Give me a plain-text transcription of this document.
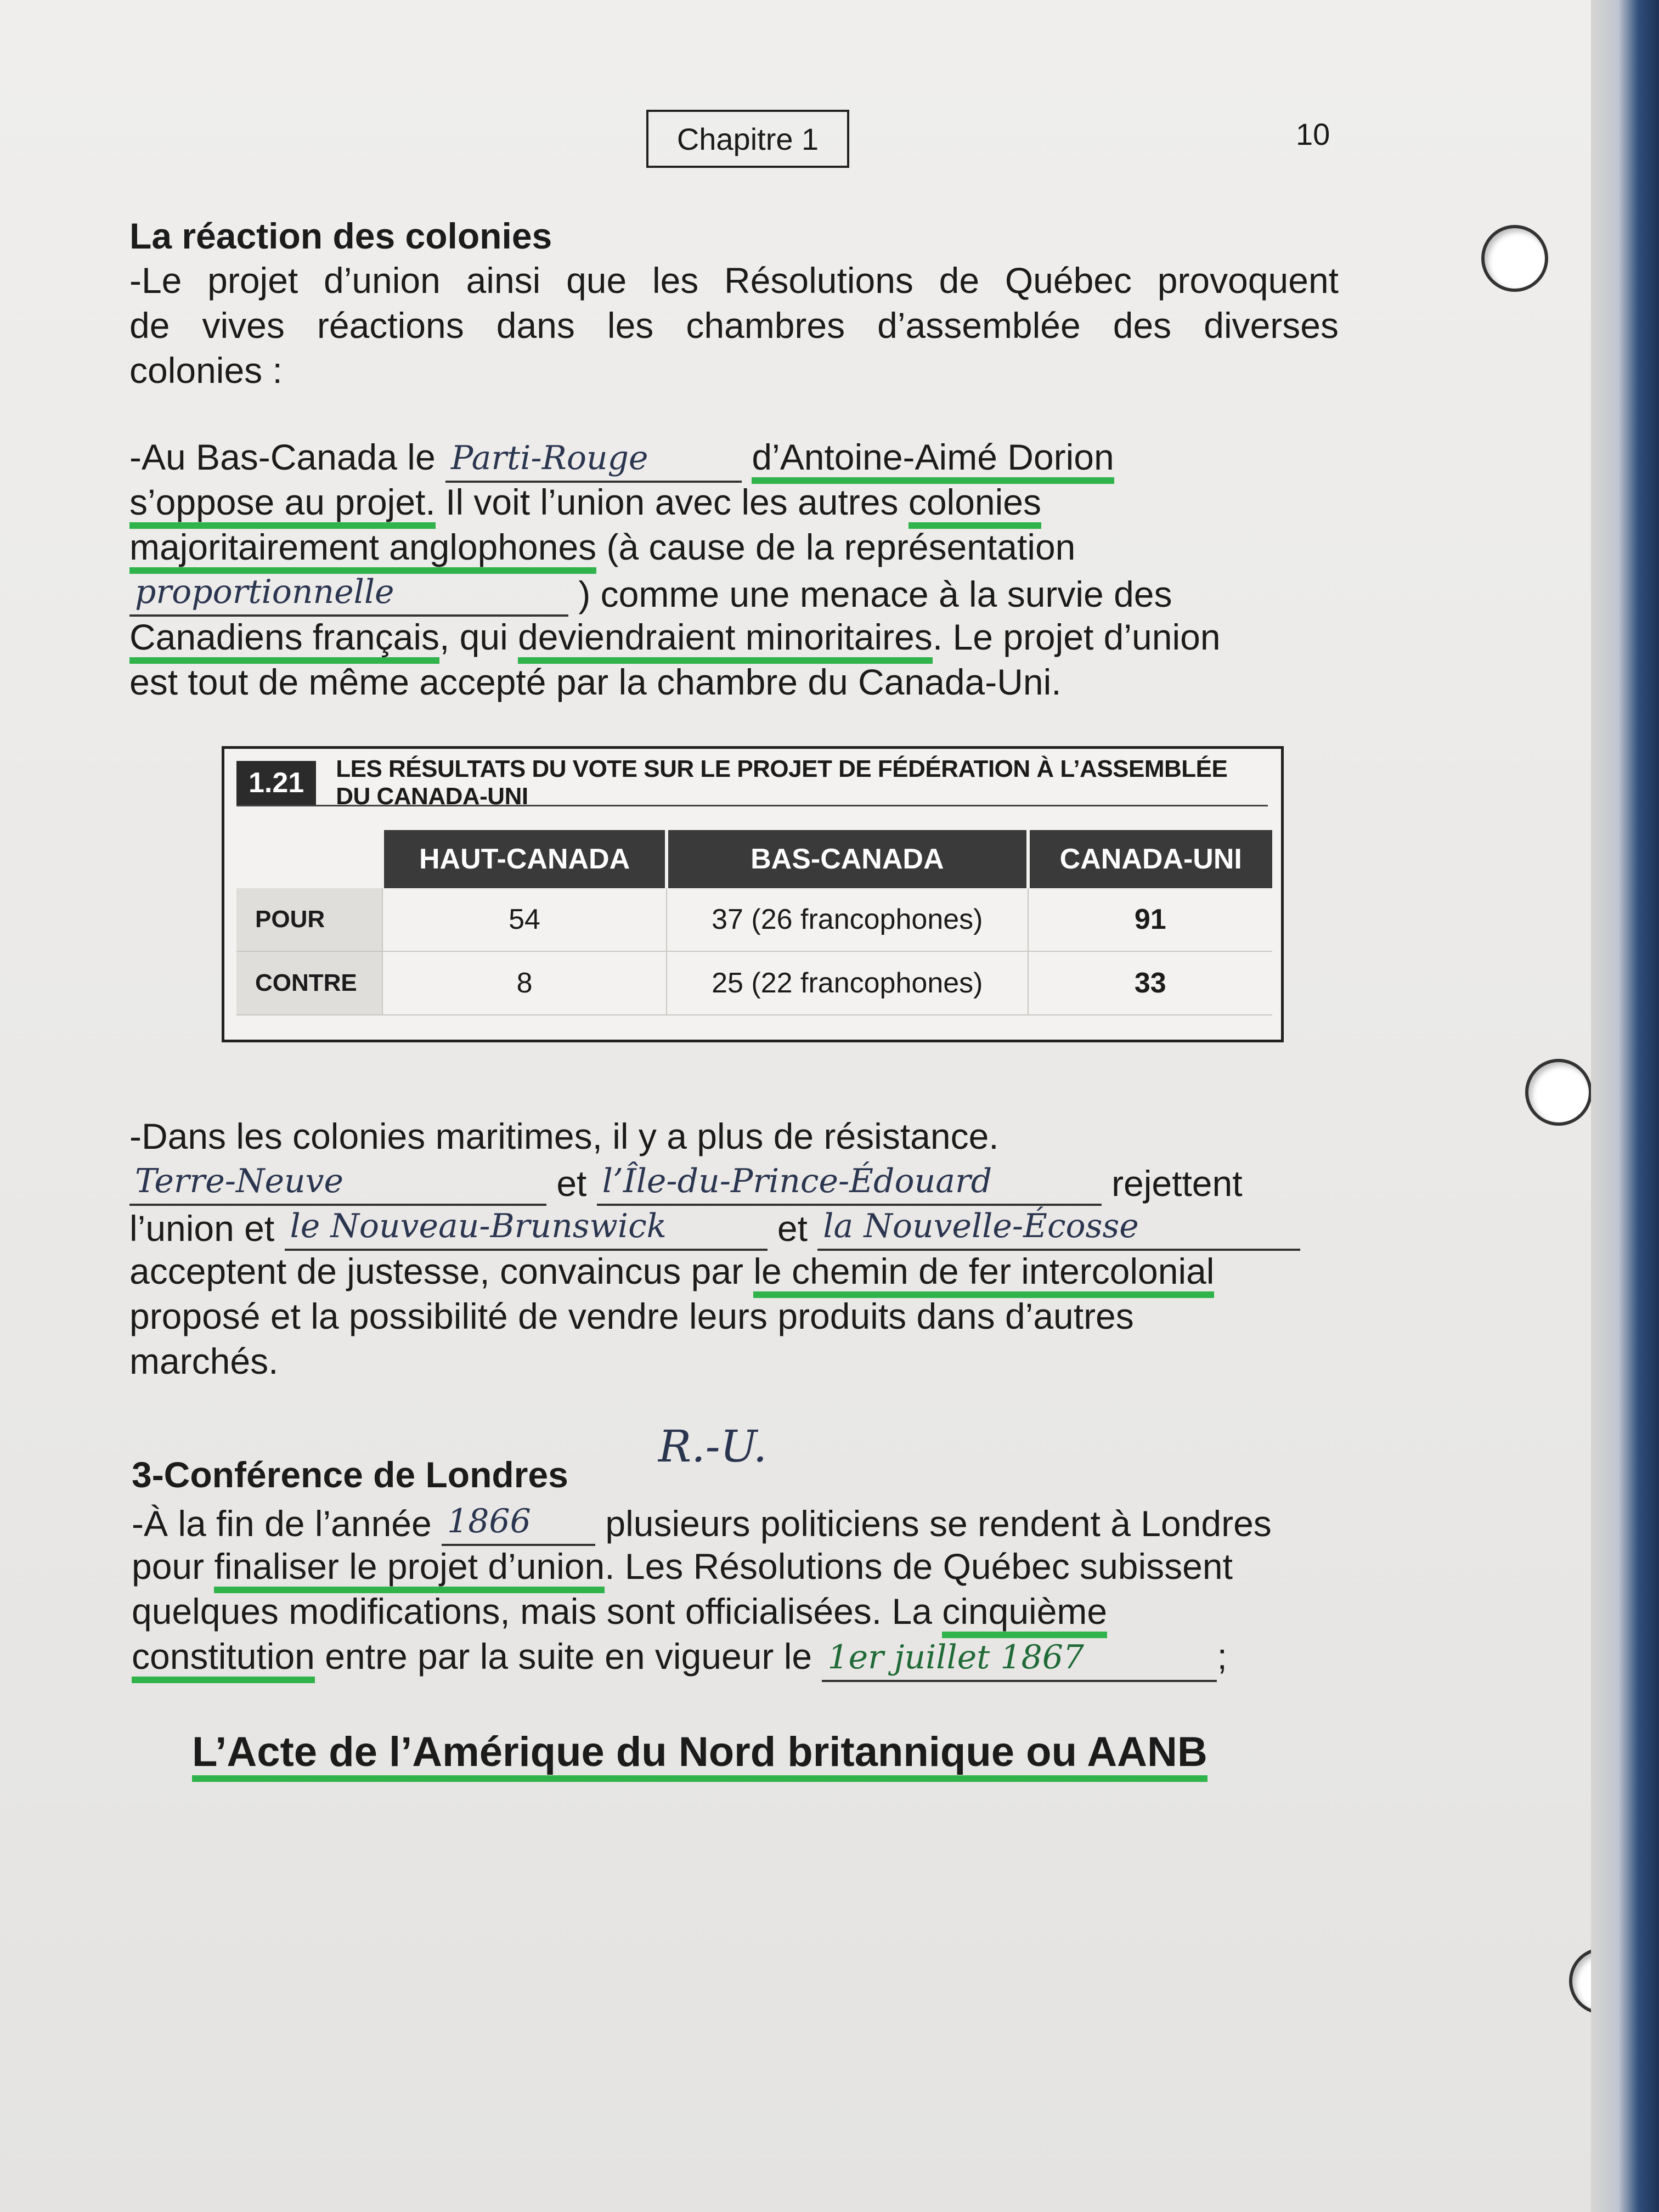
Chapitre 1	10
La réaction des colonies
-Le projet d’union ainsi que les Résolutions de Québec provoquent
de vives réactions dans les chambres d’assemblée des diverses
colonies :
-Au Bas-Canada le Parti-Rouge	d’Antoine-Aimé Dorion
s’oppose au projet. Il voit l’union avec les autres colonies
majoritairement anglophones (à cause de la représentation
proportionnelle	) comme une menace à la survie des
Canadiens français, qui deviendraient minoritaires. Le projet d’union
est tout de même accepté par la chambre du Canada-Uni.
1.21	LES RÉSULTATS DU VOTE SUR LE PROJET DE FÉDÉRATION À L’ASSEMBLÉE DU CANADA-UNI
	HAUT-CANADA	BAS-CANADA	CANADA-UNI
POUR	54	37 (26 francophones)	91
CONTRE	8	25 (22 francophones)	33
-Dans les colonies maritimes, il y a plus de résistance.
Terre-Neuve	et l’Île-du-Prince-Édouard	rejettent
l’union et le Nouveau-Brunswick	et la Nouvelle-Écosse
acceptent de justesse, convaincus par le chemin de fer intercolonial
proposé et la possibilité de vendre leurs produits dans d’autres
marchés.
3-Conférence de Londres
R.-U.
-À la fin de l’année 1866 plusieurs politiciens se rendent à Londres
pour finaliser le projet d’union. Les Résolutions de Québec subissent
quelques modifications, mais sont officialisées. La cinquième
constitution entre par la suite en vigueur le 1er juillet 1867	;
L’Acte de l’Amérique du Nord britannique ou AANB
